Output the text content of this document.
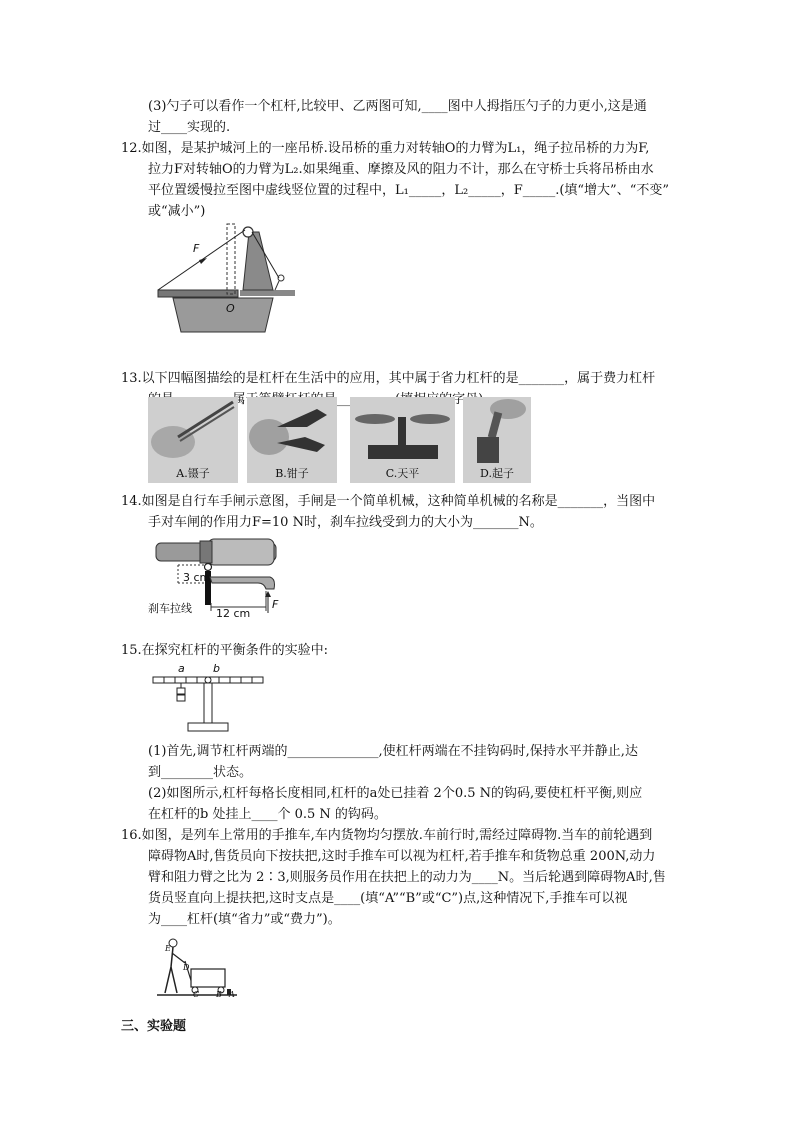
(3)勺子可以看作一个杠杆,比较甲、乙两图可知,____图中人拇指压勺子的力更小,这是通
过____实现的.
12.如图，是某护城河上的一座吊桥.设吊桥的重力对转轴O的力臂为L₁，绳子拉吊桥的力为F,
拉力F对转轴O的力臂为L₂.如果绳重、摩擦及风的阻力不计，那么在守桥士兵将吊桥由水
平位置缓慢拉至图中虚线竖位置的过程中，L₁_____，L₂_____，F_____.(填“增大”、“不变”
或“减小”)
F
O
13.以下四幅图描绘的是杠杆在生活中的应用，其中属于省力杠杆的是_______，属于费力杠杆
A.镊子	B.钳子	C.天平	D.起子
14.如图是自行车手闸示意图，手闸是一个简单机械，这种简单机械的名称是_______，当图中
手对车闸的作用力F=10 N时，刹车拉线受到力的大小为_______N。
3 cm
12 cm
刹车拉线	F
15.在探究杠杆的平衡条件的实验中:
a	b
(1)首先,调节杠杆两端的______________,使杠杆两端在不挂钩码时,保持水平并静止,达
到________状态。
(2)如图所示,杠杆每格长度相同,杠杆的a处已挂着 2个0.5 N的钩码,要使杠杆平衡,则应
在杠杆的b 处挂上____个 0.5 N 的钩码。
16.如图，是列车上常用的手推车,车内货物均匀摆放.车前行时,需经过障碍物.当车的前轮遇到
障碍物A时,售货员向下按扶把,这时手推车可以视为杠杆,若手推车和货物总重 200N,动力
臂和阻力臂之比为 2∶3,则服务员作用在扶把上的动力为____N。当后轮遇到障碍物A时,售
货员竖直向上提扶把,这时支点是____(填“A”“B”或“C”)点,这种情况下,手推车可以视
为____杠杆(填“省力”或“费力”)。
E
D
C B A
三、实验题
